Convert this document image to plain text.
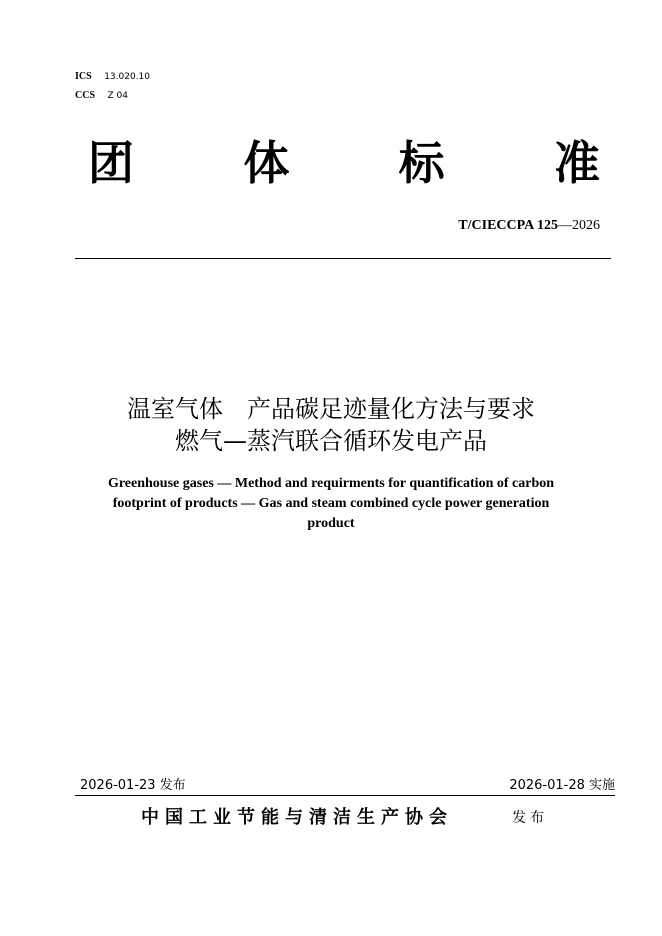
ICS 13.020.10
CCS Z 04
团 体 标 准
T/CIECCPA 125—2026
温室气体　产品碳足迹量化方法与要求
燃气—蒸汽联合循环发电产品
Greenhouse gases — Method and requirments for quantification of carbon footprint of products — Gas and steam combined cycle power generation product
2026-01-23 发布	2026-01-28 实施
中国工业节能与清洁生产协会	发布
